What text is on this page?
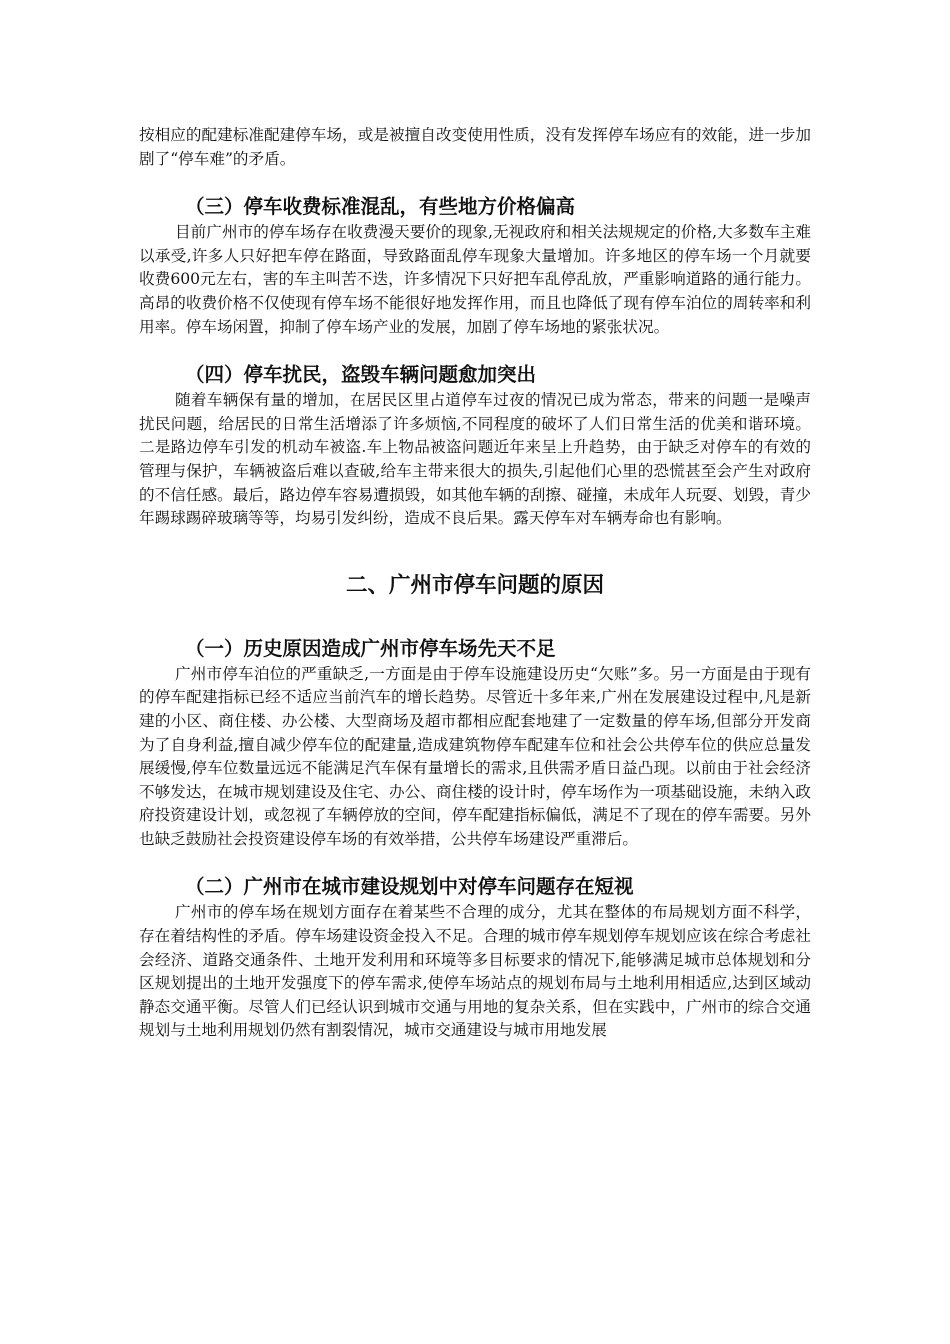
按相应的配建标准配建停车场，或是被擅自改变使用性质，没有发挥停车场应有的效能，进一步加剧了“停车难”的矛盾。

（三）停车收费标准混乱，有些地方价格偏高

目前广州市的停车场存在收费漫天要价的现象,无视政府和相关法规规定的价格,大多数车主难以承受,许多人只好把车停在路面，导致路面乱停车现象大量增加。许多地区的停车场一个月就要收费600元左右，害的车主叫苦不迭，许多情况下只好把车乱停乱放，严重影响道路的通行能力。高昂的收费价格不仅使现有停车场不能很好地发挥作用，而且也降低了现有停车泊位的周转率和利用率。停车场闲置，抑制了停车场产业的发展，加剧了停车场地的紧张状况。

（四）停车扰民，盗毁车辆问题愈加突出

随着车辆保有量的增加，在居民区里占道停车过夜的情况已成为常态，带来的问题一是噪声扰民问题，给居民的日常生活增添了许多烦恼,不同程度的破坏了人们日常生活的优美和谐环境。二是路边停车引发的机动车被盗.车上物品被盗问题近年来呈上升趋势，由于缺乏对停车的有效的管理与保护，车辆被盗后难以查破,给车主带来很大的损失,引起他们心里的恐慌甚至会产生对政府的不信任感。最后，路边停车容易遭损毁，如其他车辆的刮擦、碰撞，未成年人玩耍、划毁，青少年踢球踢碎玻璃等等，均易引发纠纷，造成不良后果。露天停车对车辆寿命也有影响。

二、广州市停车问题的原因
（一）历史原因造成广州市停车场先天不足

广州市停车泊位的严重缺乏,一方面是由于停车设施建设历史“欠账”多。另一方面是由于现有的停车配建指标已经不适应当前汽车的增长趋势。尽管近十多年来,广州在发展建设过程中,凡是新建的小区、商住楼、办公楼、大型商场及超市都相应配套地建了一定数量的停车场,但部分开发商为了自身利益,擅自减少停车位的配建量,造成建筑物停车配建车位和社会公共停车位的供应总量发展缓慢,停车位数量远远不能满足汽车保有量增长的需求,且供需矛盾日益凸现。以前由于社会经济不够发达，在城市规划建设及住宅、办公、商住楼的设计时，停车场作为一项基础设施，未纳入政府投资建设计划，或忽视了车辆停放的空间，停车配建指标偏低，满足不了现在的停车需要。另外也缺乏鼓励社会投资建设停车场的有效举措，公共停车场建设严重滞后。

（二）广州市在城市建设规划中对停车问题存在短视

广州市的停车场在规划方面存在着某些不合理的成分，尤其在整体的布局规划方面不科学，存在着结构性的矛盾。停车场建设资金投入不足。合理的城市停车规划停车规划应该在综合考虑社会经济、道路交通条件、土地开发利用和环境等多目标要求的情况下,能够满足城市总体规划和分区规划提出的土地开发强度下的停车需求,使停车场站点的规划布局与土地利用相适应,达到区域动静态交通平衡。尽管人们已经认识到城市交通与用地的复杂关系，但在实践中，广州市的综合交通规划与土地利用规划仍然有割裂情况，城市交通建设与城市用地发展
